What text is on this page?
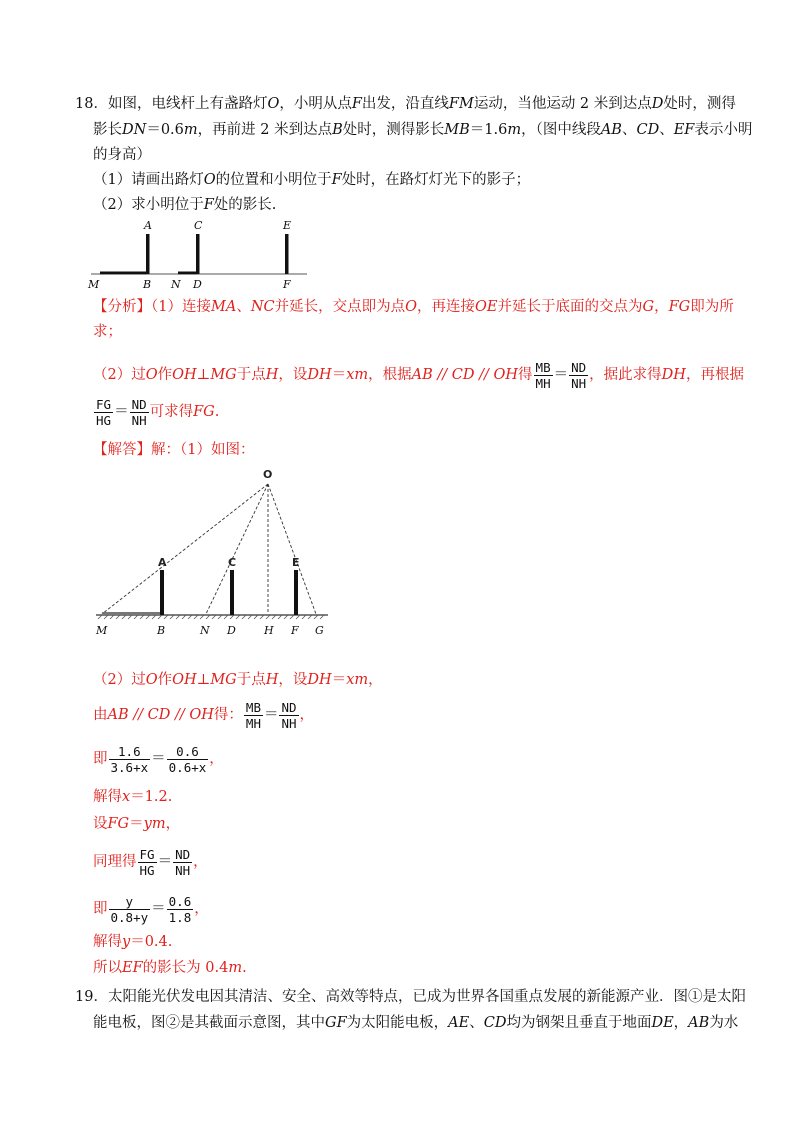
18．如图，电线杆上有盏路灯O，小明从点F出发，沿直线FM运动，当他运动 2 米到达点D处时，测得
影长DN＝0.6m，再前进 2 米到达点B处时，测得影长MB＝1.6m，（图中线段AB、CD、EF表示小明
的身高）
（1）请画出路灯O的位置和小明位于F处时，在路灯灯光下的影子；
（2）求小明位于F处的影长.
A	C	E
M	B N D	F
【分析】（1）连接MA、NC并延长，交点即为点O，再连接OE并延长于底面的交点为G，FG即为所
求；
（2）过O作OH⊥MG于点H，设DH＝xm，根据AB // CD // OH得 $\frac{MB}{MH} = \frac{ND}{NH}$ ，据此求得DH，再根据
$\frac{FG}{HG} = \frac{ND}{NH}$ 可求得FG.
【解答】解：（1）如图：
O
A	C	E
M	B	N D	H F G
（2）过O作OH⊥MG于点H，设DH＝xm，
由AB // CD // OH得： $\frac{MB}{MH} = \frac{ND}{NH}$ ，
即 $\frac{1.6}{3.6+x} = \frac{0.6}{0.6+x}$ ，
解得x＝1.2.
设FG＝ym，
同理得 $\frac{FG}{HG} = \frac{ND}{NH}$ ，
即 $\frac{y}{0.8+y} = \frac{0.6}{1.8}$ ，
解得y＝0.4.
所以EF的影长为 0.4m.
19．太阳能光伏发电因其清洁、安全、高效等特点，已成为世界各国重点发展的新能源产业．图①是太阳
能电板，图②是其截面示意图，其中GF为太阳能电板，AE、CD均为钢架且垂直于地面DE，AB为水
